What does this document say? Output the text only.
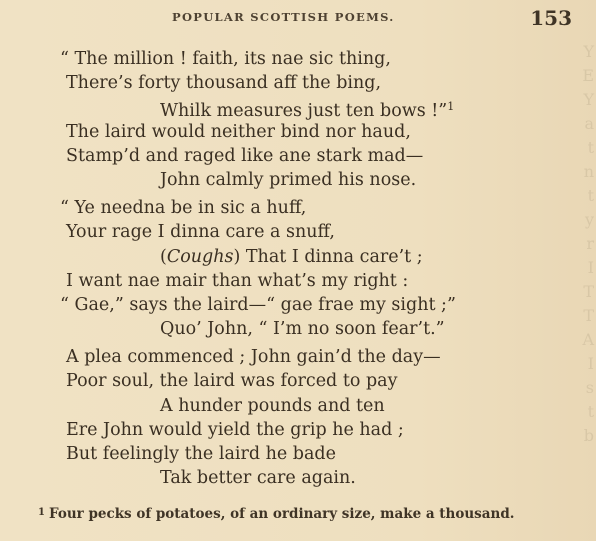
Y
E
Y
a
t
n
t
y
r
I
T
T
A
I
s
t
b
POPULAR SCOTTISH POEMS.	153
“ The million ! faith, its nae sic thing,
There’s forty thousand aff the bing,
Whilk measures just ten bows !”$^1$
The laird would neither bind nor haud,
Stamp’d and raged like ane stark mad—
John calmly primed his nose.
“ Ye needna be in sic a huff,
Your rage I dinna care a snuff,
(Coughs) That I dinna care’t ;
I want nae mair than what’s my right :
“ Gae,” says the laird—“ gae frae my sight ;”
Quo’ John, “ I’m no soon fear’t.”
A plea commenced ; John gain’d the day—
Poor soul, the laird was forced to pay
A hunder pounds and ten
Ere John would yield the grip he had ;
But feelingly the laird he bade
Tak better care again.
$^1$ Four pecks of potatoes, of an ordinary size, make a thousand.
